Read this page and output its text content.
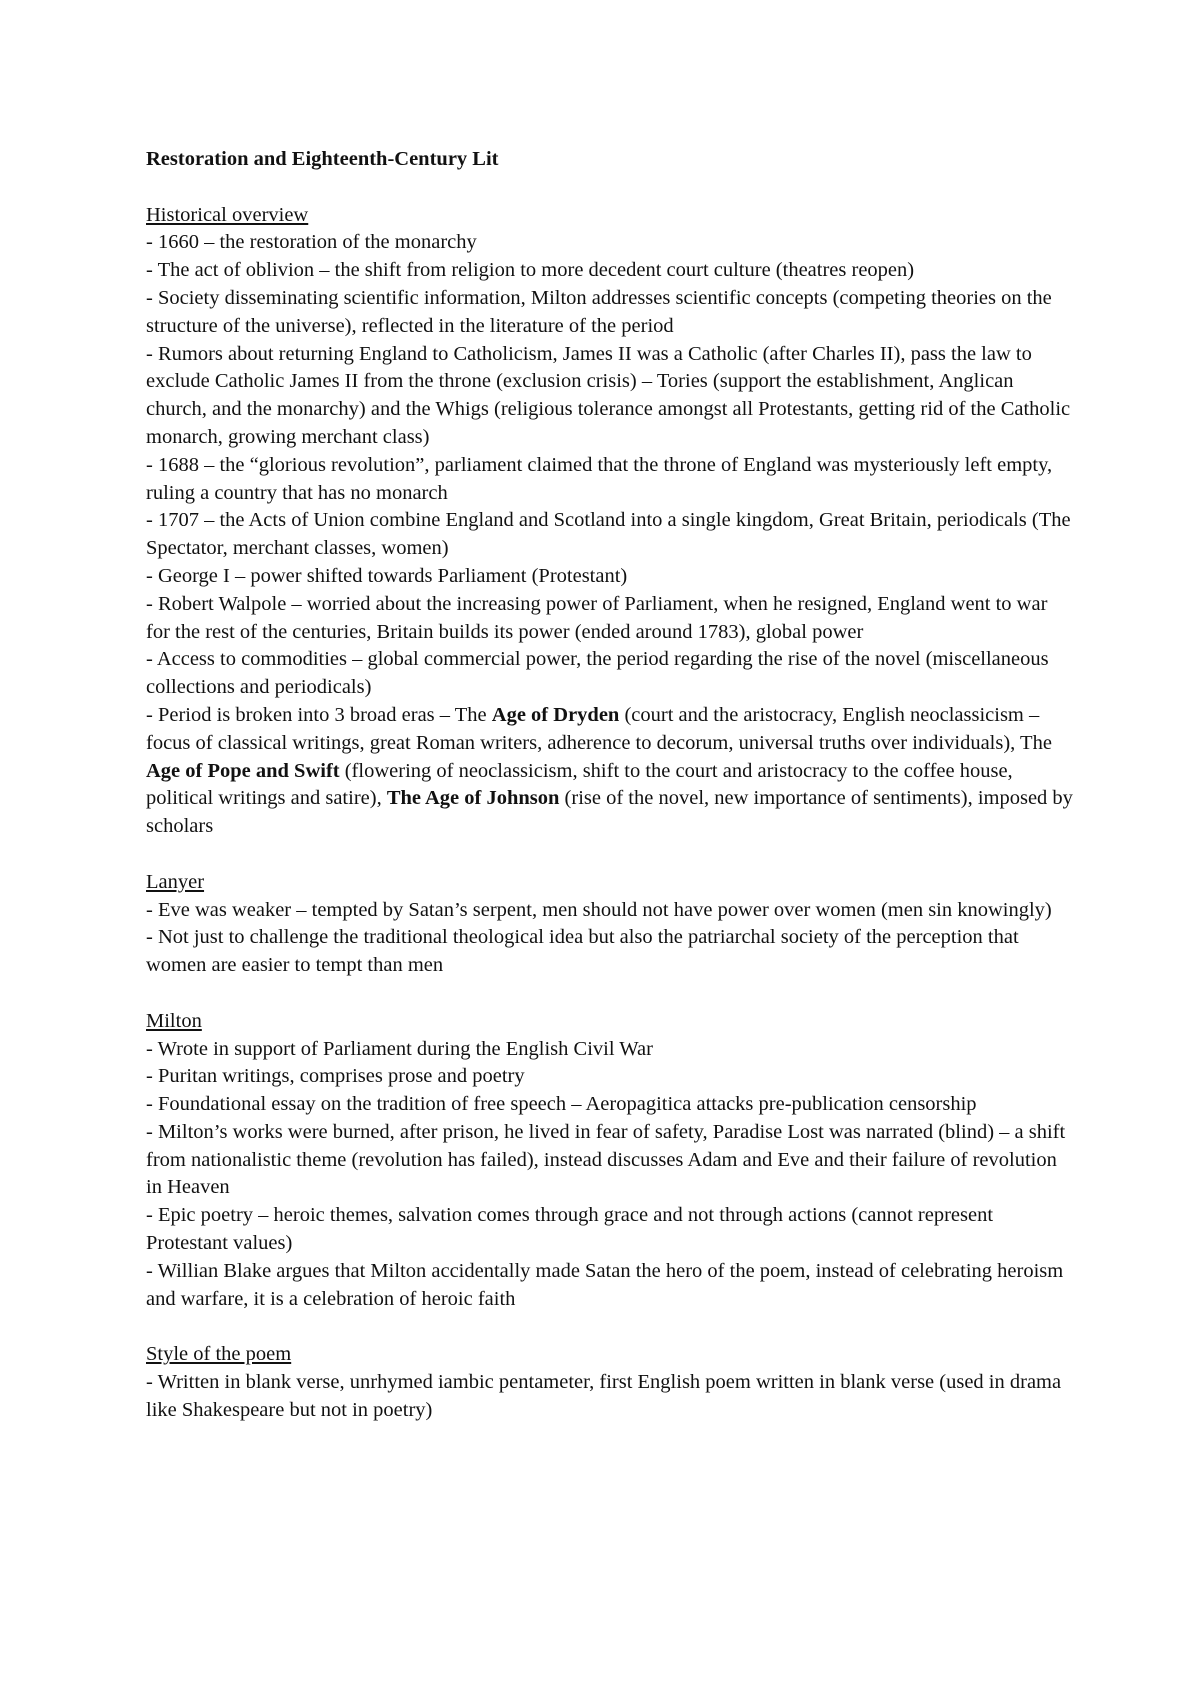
Restoration and Eighteenth-Century Lit

Historical overview

- 1660 – the restoration of the monarchy

- The act of oblivion – the shift from religion to more decedent court culture (theatres reopen)

- Society disseminating scientific information, Milton addresses scientific concepts (competing theories on the structure of the universe), reflected in the literature of the period

- Rumors about returning England to Catholicism, James II was a Catholic (after Charles II), pass the law to exclude Catholic James II from the throne (exclusion crisis) – Tories (support the establishment, Anglican church, and the monarchy) and the Whigs (religious tolerance amongst all Protestants, getting rid of the Catholic monarch, growing merchant class)

- 1688 – the “glorious revolution”, parliament claimed that the throne of England was mysteriously left empty, ruling a country that has no monarch

- 1707 – the Acts of Union combine England and Scotland into a single kingdom, Great Britain, periodicals (The Spectator, merchant classes, women)

- George I – power shifted towards Parliament (Protestant)

- Robert Walpole – worried about the increasing power of Parliament, when he resigned, England went to war for the rest of the centuries, Britain builds its power (ended around 1783), global power

- Access to commodities – global commercial power, the period regarding the rise of the novel (miscellaneous collections and periodicals)

- Period is broken into 3 broad eras – The Age of Dryden (court and the aristocracy, English neoclassicism – focus of classical writings, great Roman writers, adherence to decorum, universal truths over individuals), The Age of Pope and Swift (flowering of neoclassicism, shift to the court and aristocracy to the coffee house, political writings and satire), The Age of Johnson (rise of the novel, new importance of sentiments), imposed by scholars

Lanyer

- Eve was weaker – tempted by Satan’s serpent, men should not have power over women (men sin knowingly)

- Not just to challenge the traditional theological idea but also the patriarchal society of the perception that women are easier to tempt than men

Milton

- Wrote in support of Parliament during the English Civil War

- Puritan writings, comprises prose and poetry

- Foundational essay on the tradition of free speech – Aeropagitica attacks pre-publication censorship

- Milton’s works were burned, after prison, he lived in fear of safety, Paradise Lost was narrated (blind) – a shift from nationalistic theme (revolution has failed), instead discusses Adam and Eve and their failure of revolution in Heaven

- Epic poetry – heroic themes, salvation comes through grace and not through actions (cannot represent Protestant values)

- Willian Blake argues that Milton accidentally made Satan the hero of the poem, instead of celebrating heroism and warfare, it is a celebration of heroic faith

Style of the poem

- Written in blank verse, unrhymed iambic pentameter, first English poem written in blank verse (used in drama like Shakespeare but not in poetry)
